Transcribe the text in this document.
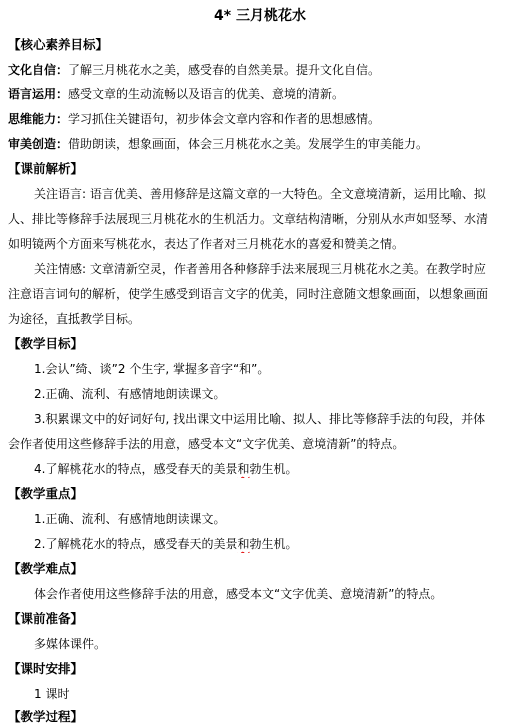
4* 三月桃花水
【核心素养目标】
文化自信：了解三月桃花水之美，感受春的自然美景。提升文化自信。
语言运用：感受文章的生动流畅以及语言的优美、意境的清新。
思维能力：学习抓住关键语句，初步体会文章内容和作者的思想感情。
审美创造：借助朗读，想象画面，体会三月桃花水之美。发展学生的审美能力。
【课前解析】
关注语言: 语言优美、善用修辞是这篇文章的一大特色。全文意境清新，运用比喻、拟
人、排比等修辞手法展现三月桃花水的生机活力。文章结构清晰，分别从水声如竖琴、水清
如明镜两个方面来写桃花水，表达了作者对三月桃花水的喜爱和赞美之情。
关注情感: 文章清新空灵，作者善用各种修辞手法来展现三月桃花水之美。在教学时应
注意语言词句的解析，使学生感受到语言文字的优美，同时注意随文想象画面，以想象画面
为途径，直抵教学目标。
【教学目标】
1.会认”绮、谈”2 个生字, 掌握多音字“和”。
2.正确、流利、有感情地朗读课文。
3.积累课文中的好词好句, 找出课文中运用比喻、拟人、排比等修辞手法的句段，并体
会作者使用这些修辞手法的用意，感受本文“文字优美、意境清新”的特点。
4.了解桃花水的特点，感受春天的美景和勃生机。
【教学重点】
1.正确、流利、有感情地朗读课文。
2.了解桃花水的特点，感受春天的美景和勃生机。
【教学难点】
体会作者使用这些修辞手法的用意，感受本文“文字优美、意境清新”的特点。
【课前准备】
多媒体课件。
【课时安排】
1 课时
【教学过程】
